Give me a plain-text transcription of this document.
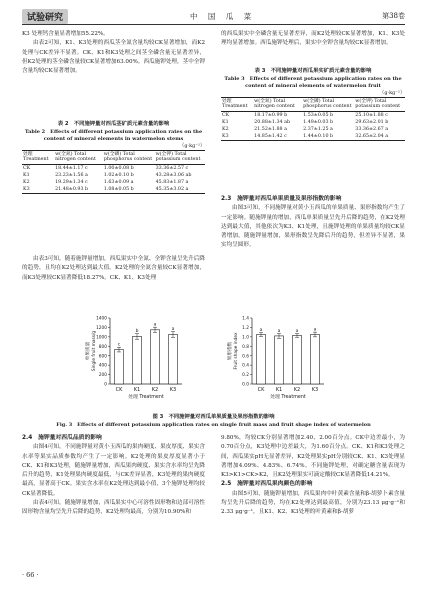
试验研究	中 国 瓜 菜	第38卷

K3 处理钙含量显著增加55.22%。

由表2可知，K1、K3处理的西瓜茎全氮含量均较CK显著增加，而K2处理与CK差异不显著。CK、K1和K3处理之间茎全磷含量无显著差异，但K2处理的茎全磷含量较CK显著增加63.00%。西瓜施钾处理，茎中全钾含量均较CK显著增加。

表 2　不同施钾量对西瓜茎矿质元素含量的影响
Table 2　Effects of different potassium application rates on the content of mineral elements in watermelon stems
（g·kg⁻¹）
处理 Treatment	w(全氮) Total nitrogen content	w(全磷) Total phosphorus content	w(全钾) Total potassium content
CK	18.44±1.17 c	1.00±0.08 b	33.36±2.57 c
K1	23.23±1.56 a	1.02±0.10 b	43.28±3.06 ab
K2	19.29±1.34 c	1.63±0.09 a	45.83±1.87 a
K3	21.48±0.93 b	1.08±0.05 b	45.35±3.02 a

由表3可知，随着施钾量增加，西瓜果实中全氮、全钾含量呈先升后降的趋势，且均在K2处理达到最大值。K2处理的全氮含量较CK显著增加，而K3处理较CK显著降低18.27%。CK、K1、K3处理

的西瓜果实中全磷含量无显著差异，而K2处理较CK显著增加，K1、K3处理均显著增加。西瓜施钾处理后，果实中全钾含量均较CK显著增加。

表 3　不同施钾量对西瓜果实矿质元素含量的影响
Table 3　Effects of different potassium application rates on the content of mineral elements of watermelon fruit
（g·kg⁻¹）
处理 Treatment	w(全氮) Total nitrogen content	w(全磷) Total phosphorus content	w(全钾) Total potassium content
CK	18.17±0.99 b	1.53±0.05 b	25.10±1.88 c
K1	20.88±1.34 ab	1.49±0.03 b	29.63±2.01 b
K2	21.52±1.88 a	2.37±1.25 a	33.36±2.67 a
K3	14.85±1.42 c	1.44±0.10 b	32.65±2.04 a

2.3　施钾量对西瓜单果质量及果形指数的影响

由图3可知，不同施钾量对黄小玉西瓜的单果质量、果形指数均产生了一定影响。随施钾量的增加，西瓜单果质量呈先升后降的趋势，在K2处理达到最大值，其他依次为K3、K1处理，且施钾处理的单果质量均较CK显著增加。随施钾量增加，果形指数呈先降后升的趋势，但差异不显著，果实均呈圆形。

0
200
400
600
800
1000
1200
1400
单果质量 Single fruit mass/g	c
CK
b
K1
a
K2
a
K3
处理 Treatment
0.0
0.2
0.4
0.6
0.8
1.0
1.2
1.4
果形指数 Fruit shape index
a
CK
a
K1
a
K2
a
K3
处理 Treatment
图 3　不同施钾量对西瓜单果质量及果形指数的影响
Fig. 3　Effects of different potassium application rates on single fruit mass and fruit shape index of watermelon

2.4　施钾量对西瓜品质的影响

由图4可知，不同施钾量对黄小玉西瓜的果肉硬度、果皮厚度、果实含水率等果实品质参数均产生了一定影响。K2处理的果皮厚度显著小于CK、K1和K3处理，随施钾量增加，西瓜果肉硬度、果实含水率均呈先降后升的趋势，K1处理果肉硬度最低，与CK差异显著，K3处理的果肉硬度最高，显著高于CK。果实含水率在K2处理达到最小值，3个施钾处理均较CK显著降低。

由表4可知，随施钾量增加，西瓜果实中心可溶性固形物和边部可溶性固形物含量均呈先升后降的趋势，K2处理均最高，分别为10.90%和

9.80%，均较CK分别显著增加2.40、2.00百分点。CK中边差最小，为0.70百分点，K3处理中边差最大，为1.60百分点。CK、K1和K3处理之间，西瓜果实pH无显著差异，K2处理果实pH分别较CK、K1、K3处理显著增加4.09%、4.83%、6.74%。不同施钾处理，对确定糖含量表现为K3>K1>CK>K2，且K2处理果实可滴定酸较CK显著降低14.21%。

2.5　施钾量对西瓜果肉颜色的影响

由图5可知，随施钾量增加，西瓜果肉中叶黄素含量和β-胡萝卜素含量均呈先升后降的趋势，均在K2处理达到最高值，分别为23.13 μg·g⁻¹和2.33 μg·g⁻¹，且K1、K2、K3处理的叶黄素和β-胡萝

· 66 ·
